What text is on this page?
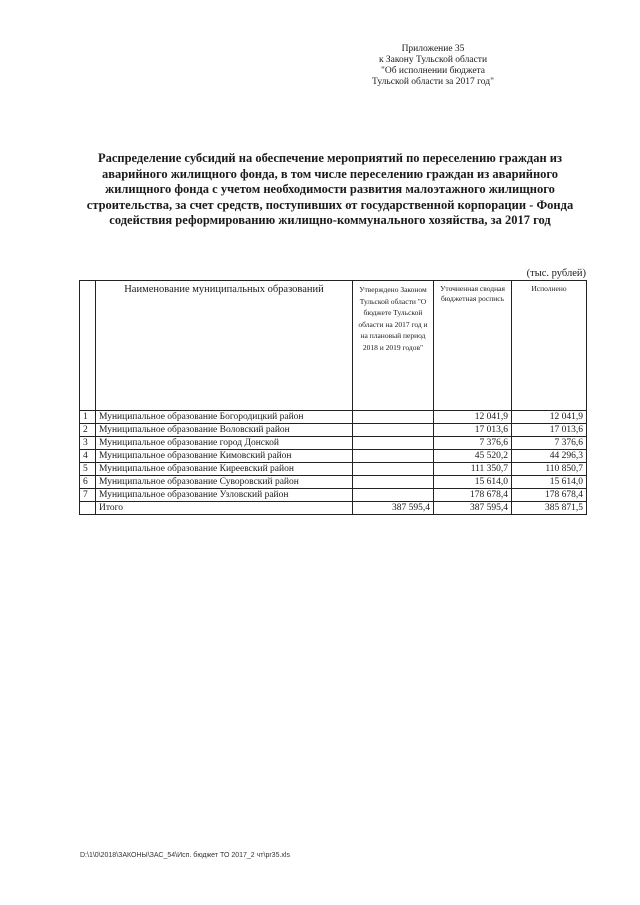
Приложение 35
к Закону Тульской области
"Об исполнении бюджета
Тульской области за 2017 год"
Распределение субсидий на обеспечение мероприятий по переселению граждан из аварийного жилищного фонда, в том числе переселению граждан из аварийного жилищного фонда с учетом необходимости развития малоэтажного жилищного строительства, за счет средств, поступивших от государственной корпорации - Фонда содействия реформированию жилищно-коммунального хозяйства, за 2017 год
(тыс. рублей)
	Наименование муниципальных образований	Утверждено Законом Тульской области "О бюджете Тульской области на 2017 год и на плановый период 2018 и 2019 годов"	Уточненная сводная бюджетная роспись	Исполнено
1	Муниципальное образование Богородицкий район		12 041,9	12 041,9
2	Муниципальное образование Воловский район		17 013,6	17 013,6
3	Муниципальное образование город Донской		7 376,6	7 376,6
4	Муниципальное образование Кимовский район		45 520,2	44 296,3
5	Муниципальное образование Киреевский район		111 350,7	110 850,7
6	Муниципальное образование Суворовский район		15 614,0	15 614,0
7	Муниципальное образование Узловский район		178 678,4	178 678,4
	Итого	387 595,4	387 595,4	385 871,5
D:\1\0\2018\ЗАКОНЫ\ЗАС_54\Исп. бюджет ТО 2017_2 чт\pr35.xls
